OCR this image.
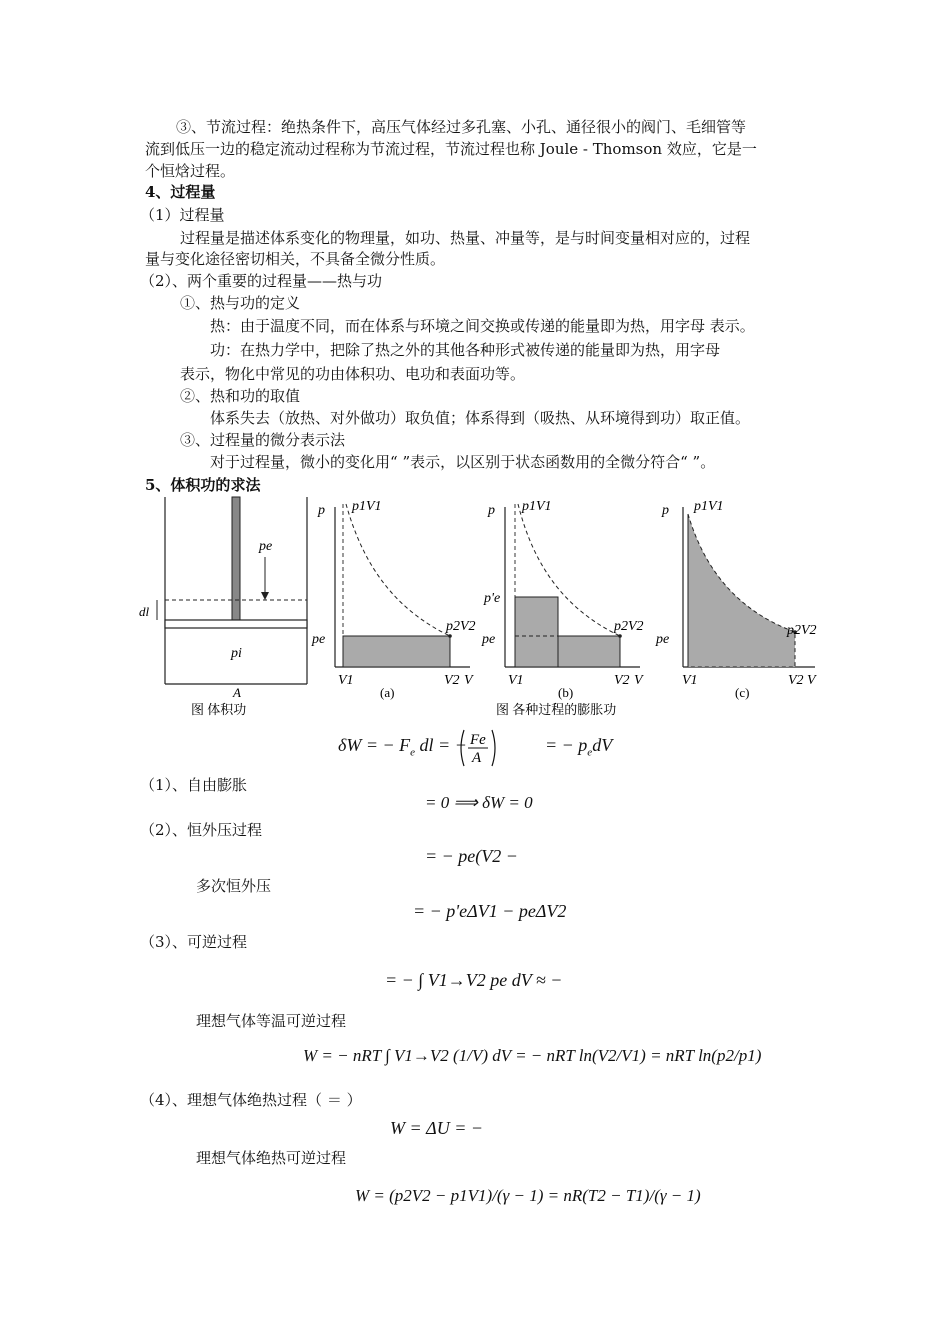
③、节流过程：绝热条件下，高压气体经过多孔塞、小孔、通径很小的阀门、毛细管等
流到低压一边的稳定流动过程称为节流过程，节流过程也称 Joule - Thomson 效应，它是一
个恒焓过程。
4、过程量
（1）过程量
过程量是描述体系变化的物理量，如功、热量、冲量等，是与时间变量相对应的，过程
量与变化途径密切相关，不具备全微分性质。
（2）、两个重要的过程量——热与功
①、热与功的定义
热：由于温度不同，而在体系与环境之间交换或传递的能量即为热，用字母 表示。
功：在热力学中，把除了热之外的其他各种形式被传递的能量即为热，用字母
表示，物化中常见的功由体积功、电功和表面功等。
②、热和功的取值
体系失去（放热、对外做功）取负值；体系得到（吸热、从环境得到功）取正值。
③、过程量的微分表示法
对于过程量，微小的变化用“ ”表示，以区别于状态函数用的全微分符合“ ”。
5、体积功的求法
pe
pi
dl
A
图 体积功
p p1V1
p2V2
pe
V1	V2 V
(a)
p p1V1
p2V2
p'e
pe
V1	V2 V
(b)
图 各种过程的膨胀功
p p1V1
p2V2
pe
V1	V2 V
(c)
δW = − $F_e$ dl = − Fe
A
= − $p_edV$
（1）、自由膨胀
= 0 ⟹ δW = 0
（2）、恒外压过程
= − pe(V2 −
多次恒外压
= − p'eΔV1 − peΔV2
（3）、可逆过程
= − ∫ V1→V2 pe dV ≈ −
理想气体等温可逆过程
W = − nRT ∫ V1→V2 (1/V) dV = − nRT ln(V2/V1) = nRT ln(p2/p1)
（4）、理想气体绝热过程（ ＝ ）
W = ΔU = −
理想气体绝热可逆过程
W = (p2V2 − p1V1)/(γ − 1) = nR(T2 − T1)/(γ − 1)
